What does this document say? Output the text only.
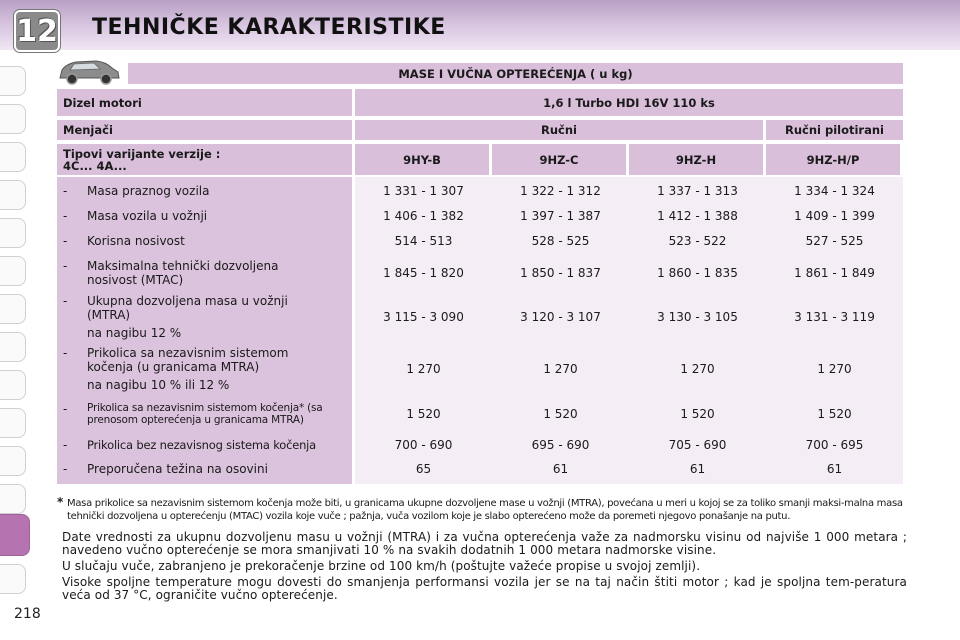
12 TEHNIČKE KARAKTERISTIKE
MASE I VUČNA OPTEREĆENJA ( u kg)
Dizel motori	1,6 l Turbo HDI 16V 110 ks
Menjači	Ručni	Ručni pilotirani
Tipovi varijante verzije :
4C... 4A...	9HY-B	9HZ-C	9HZ-H	9HZ-H/P
-	Masa praznog vozila	1 331 - 1 307	1 322 - 1 312	1 337 - 1 313	1 334 - 1 324
-	Masa vozila u vožnji	1 406 - 1 382	1 397 - 1 387	1 412 - 1 388	1 409 - 1 399
-	Korisna nosivost	514 - 513	528 - 525	523 - 522	527 - 525
-	Maksimalna tehnički dozvoljena
nosivost (MTAC)	1 845 - 1 820	1 850 - 1 837	1 860 - 1 835	1 861 - 1 849
-	Ukupna dozvoljena masa u vožnji
(MTRA)
na nagibu 12 %
3 115 - 3 090	3 120 - 3 107	3 130 - 3 105	3 131 - 3 119
-	Prikolica sa nezavisnim sistemom
kočenja (u granicama MTRA)
na nagibu 10 % ili 12 %
1 270	1 270	1 270	1 270
-	Prikolica sa nezavisnim sistemom kočenja* (sa
prenosom opterećenja u granicama MTRA)	1 520	1 520	1 520	1 520
-	Prikolica bez nezavisnog sistema kočenja	700 - 690	695 - 690	705 - 690	700 - 695
-	Preporučena težina na osovini	65	61	61	61
* Masa prikolice sa nezavisnim sistemom kočenja može biti, u granicama ukupne dozvoljene mase u vožnji (MTRA), povećana u meri u kojoj se za toliko smanji maksi-malna masa tehnički dozvoljena u opterećenju (MTAC) vozila koje vuče ; pažnja, vuča vozilom koje je slabo opterećeno može da poremeti njegovo ponašanje na putu.
Date vrednosti za ukupnu dozvoljenu masu u vožnji (MTRA) i za vučna opterećenja važe za nadmorsku visinu od najviše 1 000 metara ; navedeno vučno opterećenje se mora smanjivati 10 % na svakih dodatnih 1 000 metara nadmorske visine.
U slučaju vuče, zabranjeno je prekoračenje brzine od 100 km/h (poštujte važeće propise u svojoj zemlji).
Visoke spoljne temperature mogu dovesti do smanjenja performansi vozila jer se na taj način štiti motor ; kad je spoljna tem-peratura veća od 37 °C, ograničite vučno opterećenje.
218
